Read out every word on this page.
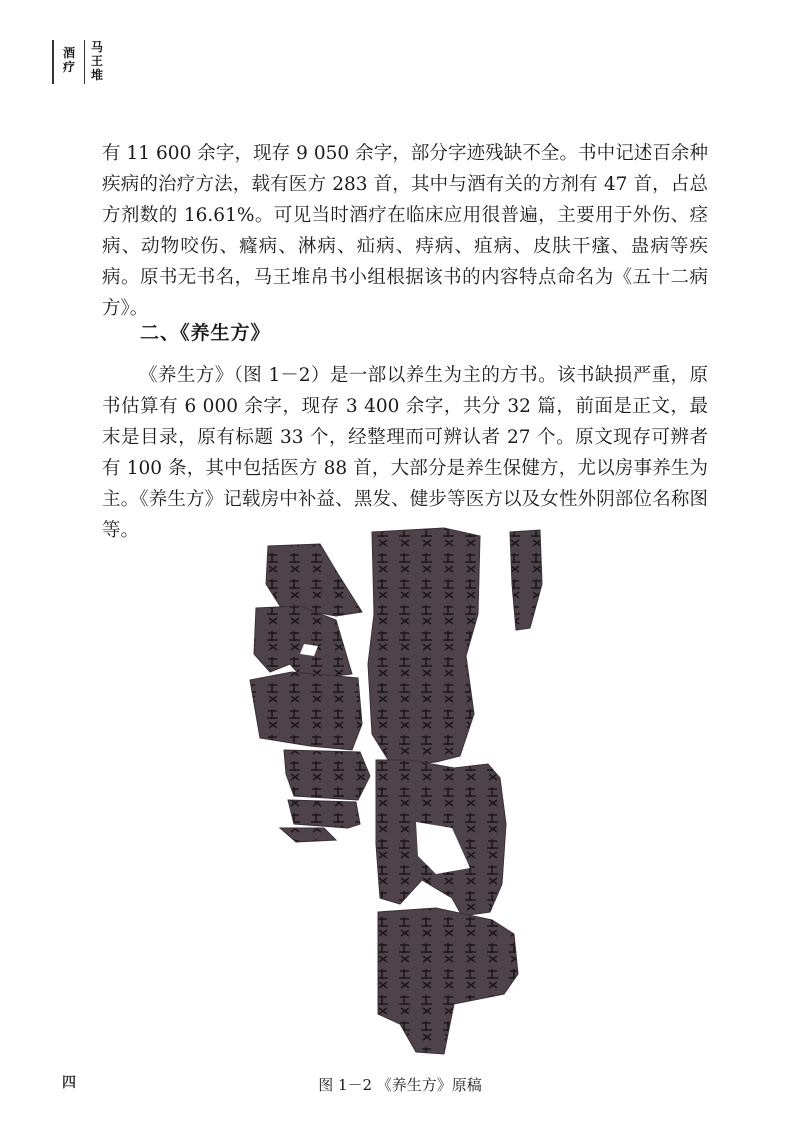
酒
疗
马
王
堆

有 11 600 余字，现存 9 050 余字，部分字迹残缺不全。书中记述百余种疾病的治疗方法，载有医方 283 首，其中与酒有关的方剂有 47 首，占总方剂数的 16.61%。可见当时酒疗在临床应用很普遍，主要用于外伤、痉病、动物咬伤、癃病、淋病、疝病、痔病、疽病、皮肤干瘙、蛊病等疾病。原书无书名，马王堆帛书小组根据该书的内容特点命名为《五十二病方》。

二、《养生方》

《养生方》（图 1－2）是一部以养生为主的方书。该书缺损严重，原书估算有 6 000 余字，现存 3 400 余字，共分 32 篇，前面是正文，最末是目录，原有标题 33 个，经整理而可辨认者 27 个。原文现存可辨者有 100 条，其中包括医方 88 首，大部分是养生保健方，尤以房事养生为主。《养生方》记载房中补益、黑发、健步等医方以及女性外阴部位名称图等。

图 1－2 《养生方》原稿

四
